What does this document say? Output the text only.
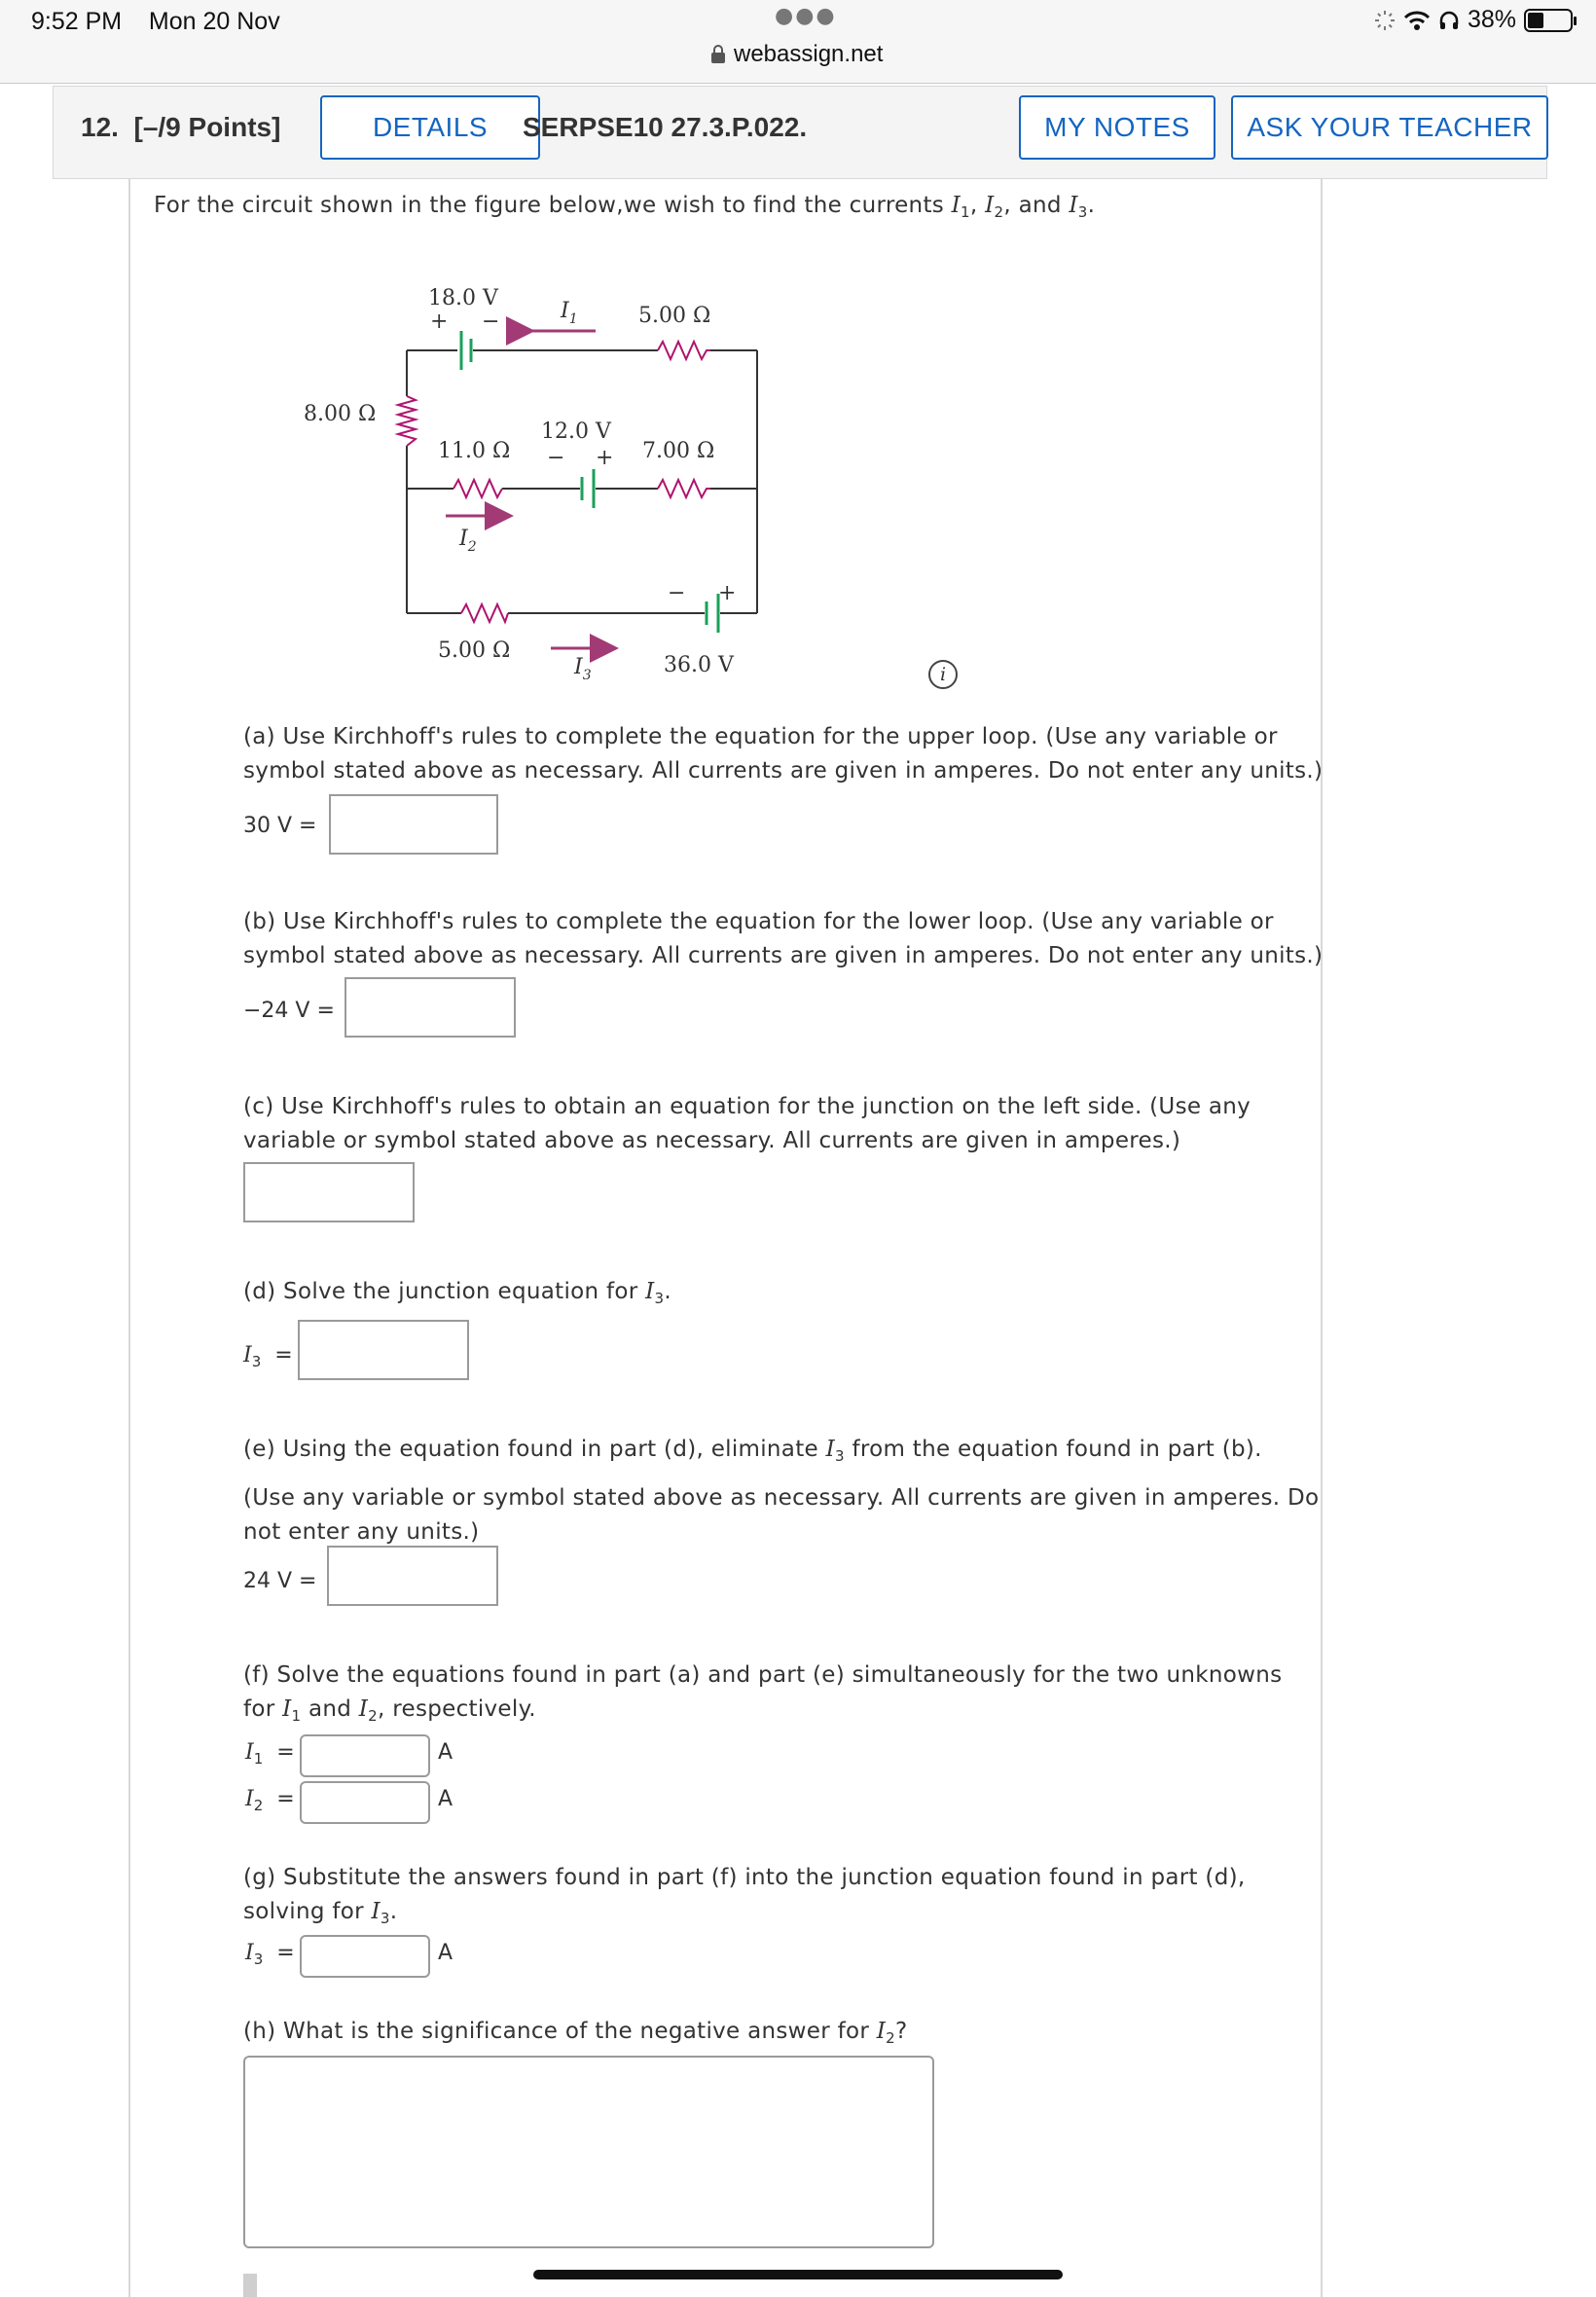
9:52 PM Mon 20 Nov	●●●
webassign.net
38%
12. [–/9 Points]	DETAILS	SERPSE10 27.3.P.022.	MY NOTES	ASK YOUR TEACHER
For the circuit shown in the figure below,we wish to find the currents $I_1$, $I_2$, and $I_3$.
18.0 V
+ −	$I_1$	5.00 Ω
8.00 Ω
12.0 V
− +
11.0 Ω	7.00 Ω
$I_2$
− +
5.00 Ω
$I_3$	36.0 V	i
(a) Use Kirchhoff's rules to complete the equation for the upper loop. (Use any variable or
symbol stated above as necessary. All currents are given in amperes. Do not enter any units.)
30 V =
(b) Use Kirchhoff's rules to complete the equation for the lower loop. (Use any variable or
symbol stated above as necessary. All currents are given in amperes. Do not enter any units.)
−24 V =
(c) Use Kirchhoff's rules to obtain an equation for the junction on the left side. (Use any
variable or symbol stated above as necessary. All currents are given in amperes.)
(d) Solve the junction equation for $I_3$.
$I_3$ =
(e) Using the equation found in part (d), eliminate $I_3$ from the equation found in part (b).
(Use any variable or symbol stated above as necessary. All currents are given in amperes. Do
not enter any units.)
24 V =
(f) Solve the equations found in part (a) and part (e) simultaneously for the two unknowns
for $I_1$ and $I_2$, respectively.
$I_1$ =	A
$I_2$ =	A
(g) Substitute the answers found in part (f) into the junction equation found in part (d),
solving for $I_3$.
$I_3$ =	A
(h) What is the significance of the negative answer for $I_2$?
